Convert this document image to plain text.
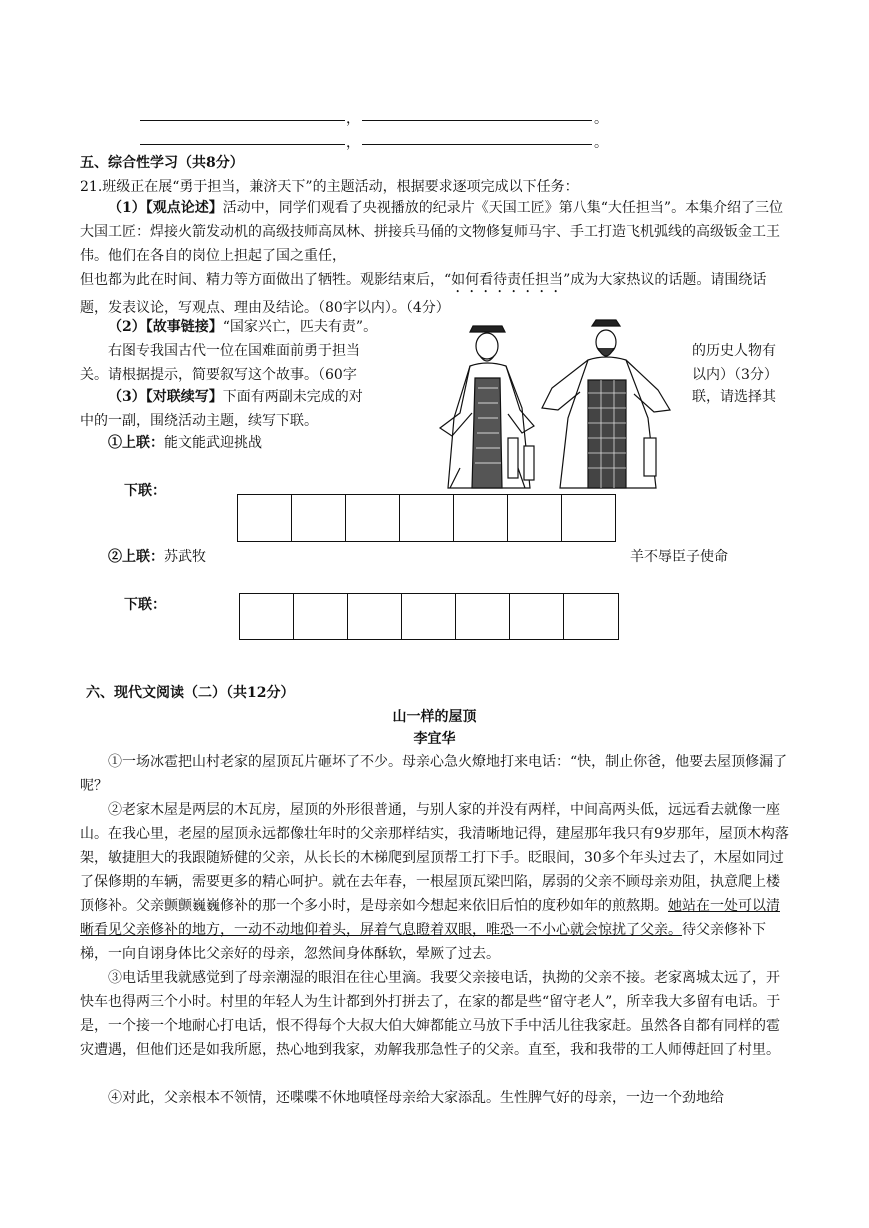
，	。
，	。
五、综合性学习（共8分）
21.班级正在展“勇于担当，兼济天下”的主题活动，根据要求逐项完成以下任务：
（1）【观点论述】活动中，同学们观看了央视播放的纪录片《天国工匠》第八集“大任担当”。本集介绍了三位大国工匠：焊接火箭发动机的高级技师高凤林、拼接兵马俑的文物修复师马宇、手工打造飞机弧线的高级钣金工王伟。他们在各自的岗位上担起了国之重任，
但也都为此在时间、精力等方面做出了牺牲。观影结束后，“如何看待责任担当”成为大家热议的话题。请围绕话题，发表议论，写观点、理由及结论。（80字以内）。（4分）
（2）【故事链接】“国家兴亡，匹夫有责”。
右图专我国古代一位在国难面前勇于担当	的历史人物有
关。请根据提示，简要叙写这个故事。（60字	以内）（3分）
（3）【对联续写】下面有两副未完成的对	联，请选择其
中的一副，围绕活动主题，续写下联。
①上联：能文能武迎挑战
下联：
②上联：苏武牧	羊不辱臣子使命
下联：
六、现代文阅读（二）（共12分）
山一样的屋顶
李宜华
①一场冰雹把山村老家的屋顶瓦片砸坏了不少。母亲心急火燎地打来电话：“快，制止你爸，他要去屋顶修漏了呢？
②老家木屋是两层的木瓦房，屋顶的外形很普通，与别人家的并没有两样，中间高两头低，远远看去就像一座山。在我心里，老屋的屋顶永远都像壮年时的父亲那样结实，我清晰地记得，建屋那年我只有9岁那年，屋顶木构落架，敏捷胆大的我跟随矫健的父亲，从长长的木梯爬到屋顶帮工打下手。眨眼间，30多个年头过去了，木屋如同过了保修期的车辆，需要更多的精心呵护。就在去年春，一根屋顶瓦梁凹陷，孱弱的父亲不顾母亲劝阻，执意爬上楼顶修补。父亲颤颤巍巍修补的那一个多小时，是母亲如今想起来依旧后怕的度秒如年的煎熬期。她站在一处可以清晰看见父亲修补的地方，一动不动地仰着头，屏着气息瞪着双眼，唯恐一不小心就会惊扰了父亲。待父亲修补下梯，一向自诩身体比父亲好的母亲，忽然间身体酥软，晕厥了过去。
③电话里我就感觉到了母亲潮湿的眼泪在往心里滴。我要父亲接电话，执拗的父亲不接。老家离城太远了，开快车也得两三个小时。村里的年轻人为生计都到外打拼去了，在家的都是些“留守老人”，所幸我大多留有电话。于是，一个接一个地耐心打电话，恨不得每个大叔大伯大婶都能立马放下手中活儿往我家赶。虽然各自都有同样的雹灾遭遇，但他们还是如我所愿，热心地到我家，劝解我那急性子的父亲。直至，我和我带的工人师傅赶回了村里。
④对此，父亲根本不领情，还喋喋不休地嗔怪母亲给大家添乱。生性脾气好的母亲，一边一个劲地给
